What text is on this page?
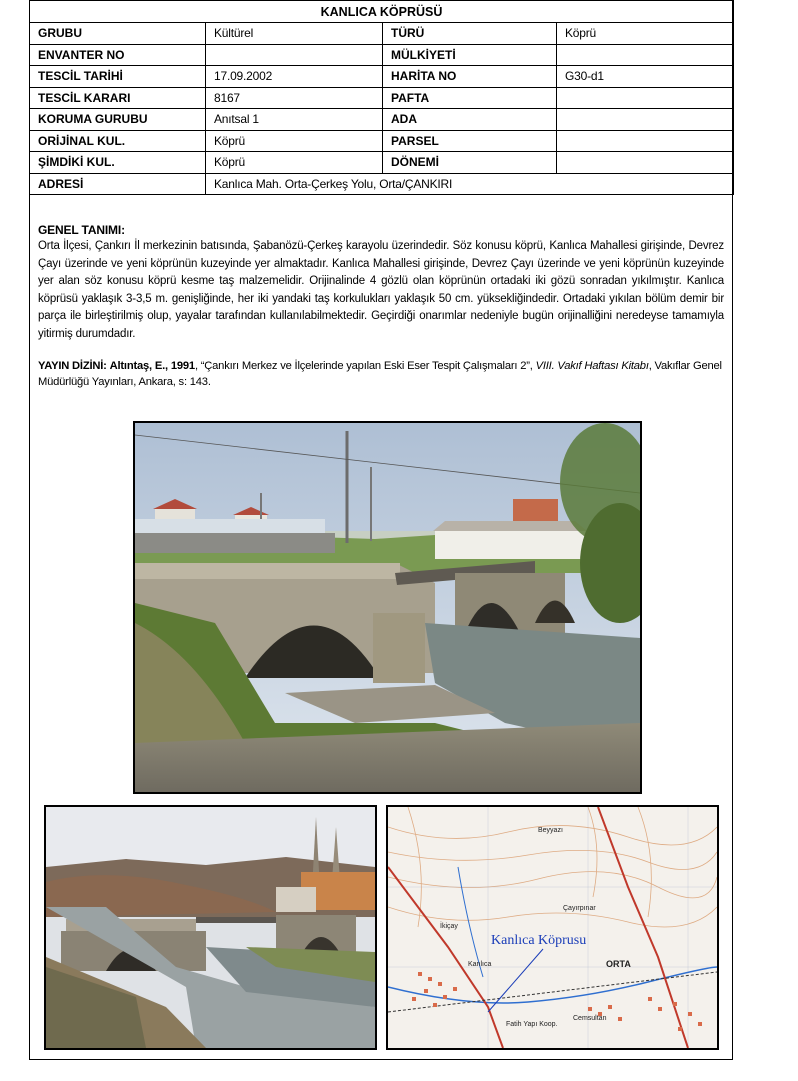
KANLICA KÖPRÜSÜ			
GRUBU	Kültürel	TÜRÜ	Köprü
ENVANTER NO		MÜLKİYETİ	
TESCİL TARİHİ	17.09.2002	HARİTA NO	G30-d1
TESCİL KARARI	8167	PAFTA	
KORUMA GURUBU	Anıtsal 1	ADA	
ORİJİNAL KUL.	Köprü	PARSEL	
ŞİMDİKİ KUL.	Köprü	DÖNEMİ	
ADRESİ	Kanlıca Mah. Orta-Çerkeş Yolu, Orta/ÇANKIRI		
GENEL TANIMI:

Orta İlçesi, Çankırı İl merkezinin batısında, Şabanözü-Çerkeş karayolu üzerindedir. Söz konusu köprü, Kanlıca Mahallesi girişinde, Devrez Çayı üzerinde ve yeni köprünün kuzeyinde yer almaktadır. Kanlıca Mahallesi girişinde, Devrez Çayı üzerinde ve yeni köprünün kuzeyinde yer alan söz konusu köprü kesme taş malzemelidir. Orijinalinde 4 gözlü olan köprünün ortadaki iki gözü sonradan yıkılmıştır. Kanlıca köprüsü yaklaşık 3-3,5 m. genişliğinde, her iki yandaki taş korkulukları yaklaşık 50 cm. yüksekliğindedir. Ortadaki yıkılan bölüm demir bir parça ile birleştirilmiş olup, yayalar tarafından kullanılabilmektedir. Geçirdiği onarımlar nedeniyle bugün orijinalliğini neredeyse tamamıyla yitirmiş durumdadır.

YAYIN DİZİNİ: Altıntaş, E., 1991, “Çankırı Merkez ve İlçelerinde yapılan Eski Eser Tespit Çalışmaları 2”, VIII. Vakıf Haftası Kitabı, Vakıflar Genel Müdürlüğü Yayınları, Ankara, s: 143.
Kanlıca Köprusu
Beyyazı
Çayırpınar
İkiçay
Kanlıca	ORTA
Cemsultan
Fatih Yapı Koop.
